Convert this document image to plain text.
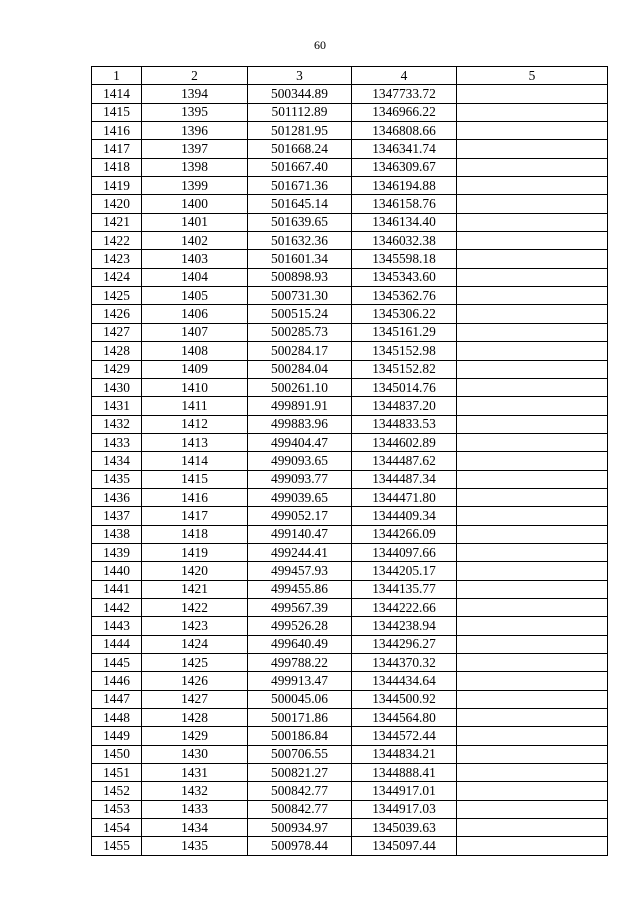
60
1	2	3	4	5
1414	1394	500344.89	1347733.72	
1415	1395	501112.89	1346966.22	
1416	1396	501281.95	1346808.66	
1417	1397	501668.24	1346341.74	
1418	1398	501667.40	1346309.67	
1419	1399	501671.36	1346194.88	
1420	1400	501645.14	1346158.76	
1421	1401	501639.65	1346134.40	
1422	1402	501632.36	1346032.38	
1423	1403	501601.34	1345598.18	
1424	1404	500898.93	1345343.60	
1425	1405	500731.30	1345362.76	
1426	1406	500515.24	1345306.22	
1427	1407	500285.73	1345161.29	
1428	1408	500284.17	1345152.98	
1429	1409	500284.04	1345152.82	
1430	1410	500261.10	1345014.76	
1431	1411	499891.91	1344837.20	
1432	1412	499883.96	1344833.53	
1433	1413	499404.47	1344602.89	
1434	1414	499093.65	1344487.62	
1435	1415	499093.77	1344487.34	
1436	1416	499039.65	1344471.80	
1437	1417	499052.17	1344409.34	
1438	1418	499140.47	1344266.09	
1439	1419	499244.41	1344097.66	
1440	1420	499457.93	1344205.17	
1441	1421	499455.86	1344135.77	
1442	1422	499567.39	1344222.66	
1443	1423	499526.28	1344238.94	
1444	1424	499640.49	1344296.27	
1445	1425	499788.22	1344370.32	
1446	1426	499913.47	1344434.64	
1447	1427	500045.06	1344500.92	
1448	1428	500171.86	1344564.80	
1449	1429	500186.84	1344572.44	
1450	1430	500706.55	1344834.21	
1451	1431	500821.27	1344888.41	
1452	1432	500842.77	1344917.01	
1453	1433	500842.77	1344917.03	
1454	1434	500934.97	1345039.63	
1455	1435	500978.44	1345097.44	
